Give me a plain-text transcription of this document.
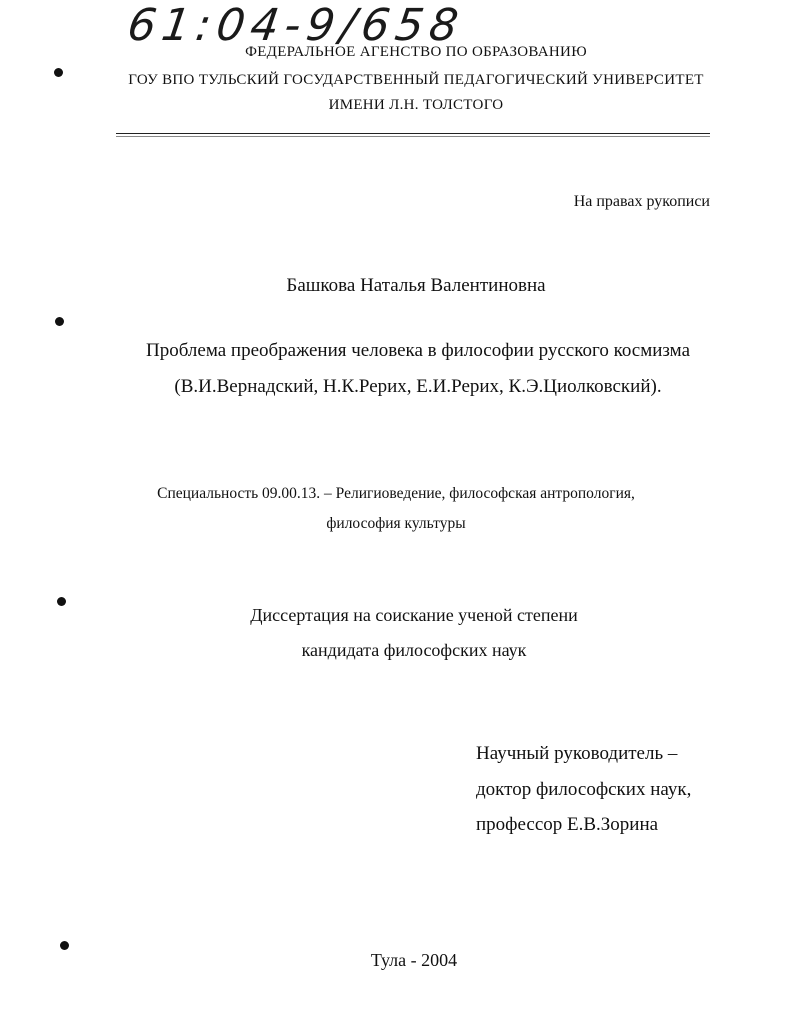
61:04-9/658
ФЕДЕРАЛЬНОЕ АГЕНСТВО ПО ОБРАЗОВАНИЮ
ГОУ ВПО ТУЛЬСКИЙ ГОСУДАРСТВЕННЫЙ ПЕДАГОГИЧЕСКИЙ УНИВЕРСИТЕТ
ИМЕНИ Л.Н. ТОЛСТОГО
На правах рукописи
Башкова Наталья Валентиновна
Проблема преображения человека в философии русского космизма
(В.И.Вернадский, Н.К.Рерих, Е.И.Рерих, К.Э.Циолковский).
Специальность 09.00.13. – Религиоведение, философская антропология,
философия культуры
Диссертация на соискание ученой степени
кандидата философских наук
Научный руководитель –
доктор философских наук,
профессор Е.В.Зорина
Тула - 2004
